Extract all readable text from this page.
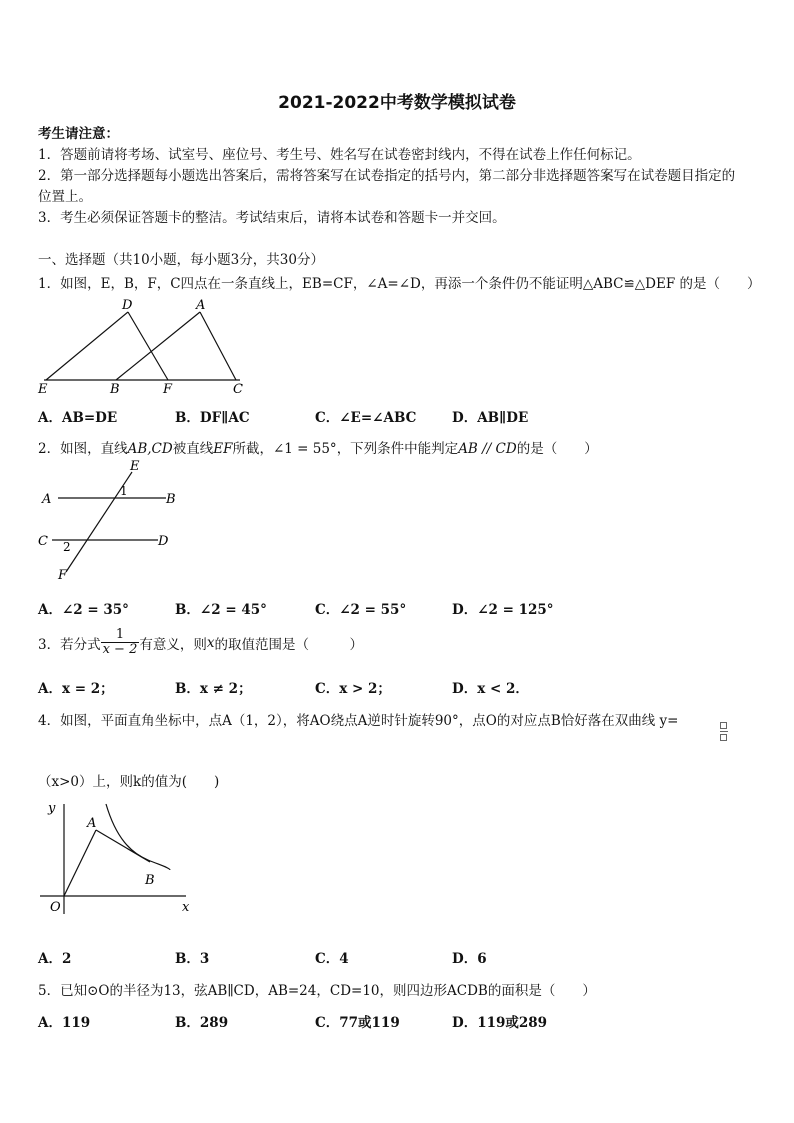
2021-2022中考数学模拟试卷
考生请注意：
1．答题前请将考场、试室号、座位号、考生号、姓名写在试卷密封线内，不得在试卷上作任何标记。
2．第一部分选择题每小题选出答案后，需将答案写在试卷指定的括号内，第二部分非选择题答案写在试卷题目指定的
位置上。
3．考生必须保证答题卡的整洁。考试结束后，请将本试卷和答题卡一并交回。
一、选择题（共10小题，每小题3分，共30分）
1．如图，E，B，F，C四点在一条直线上，EB=CF，∠A=∠D，再添一个条件仍不能证明△ABC≌△DEF 的是（　　）
D	A
E	B	F	C
A．AB=DE	B．DF∥AC	C．∠E=∠ABC	D．AB∥DE
2．如图，直线AB,CD被直线EF所截，∠1 = 55°，下列条件中能判定AB // CD的是（　　）
E
1
A	B
C 2	D
F
A．∠2 = 35°	B．∠2 = 45°	C．∠2 = 55°	D．∠2 = 125°
3．若分式 $\frac{1}{x - 2}$ 有意义，则x的取值范围是（　　　）
A．x = 2；	B．x ≠ 2；	C．x > 2；	D．x < 2．
4．如图，平面直角坐标中，点A（1，2），将AO绕点A逆时针旋转90°，点O的对应点B恰好落在双曲线 y=
（x>0）上，则k的值为(　　)
y
A
B
O	x
A．2	B．3	C．4	D．6
5．已知⊙O的半径为13，弦AB∥CD，AB=24，CD=10，则四边形ACDB的面积是（　　）
A．119	B．289	C．77或119	D．119或289
